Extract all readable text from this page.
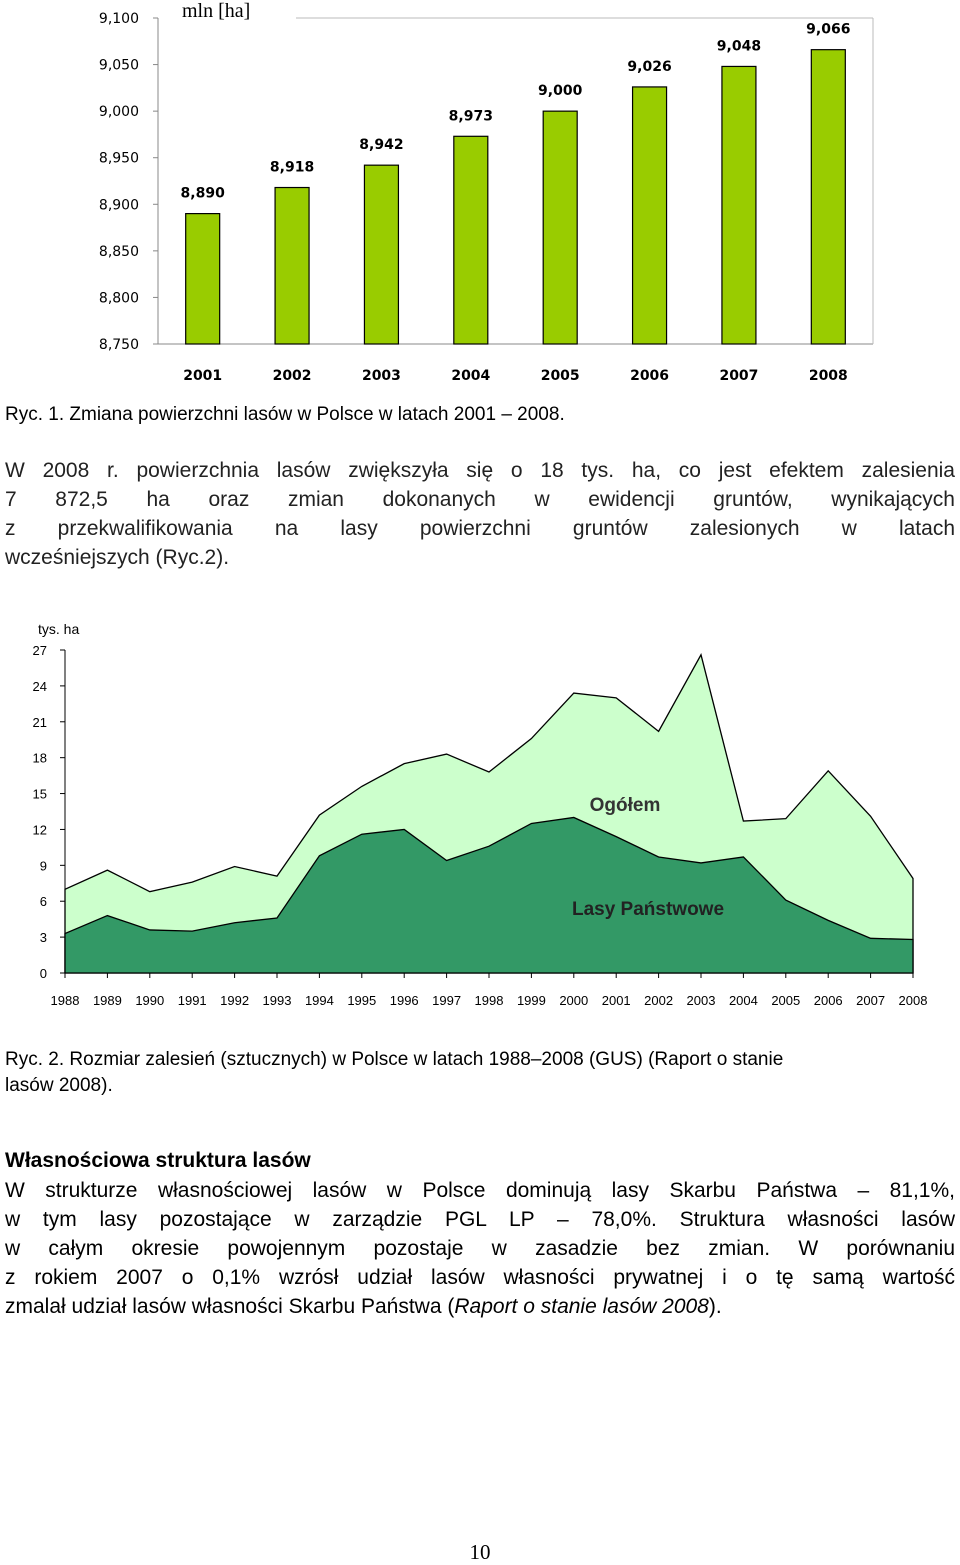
8,750
8,800
8,850
8,900
8,950
9,000
9,050
9,100 mln [ha]
8,890
2001
8,918
2002
8,942
2003
8,973
2004
9,000
2005
9,026
2006
9,048
2007
9,066
2008

Ryc. 1. Zmiana powierzchni lasów w Polsce w latach 2001 – 2008.

W 2008 r. powierzchnia lasów zwiększyła się o 18 tys. ha, co jest efektem zalesienia
7 872,5 ha oraz zmian dokonanych w ewidencji gruntów, wynikających
z przekwalifikowania na lasy powierzchni gruntów zalesionych w latach
wcześniejszych (Ryc.2).

0
3
6
9
12
15
18
21
24
27
tys. ha
1988 1989 1990 1991 1992 1993 1994 1995 1996 1997 1998 1999 2000 2001 2002 2003 2004 2005 2006 2007 2008
Ogółem
Lasy Państwowe

Ryc. 2. Rozmiar zalesień (sztucznych) w Polsce w latach 1988–2008 (GUS) (Raport o stanie

lasów 2008).

Własnościowa struktura lasów

W strukturze własnościowej lasów w Polsce dominują lasy Skarbu Państwa – 81,1%,
w tym lasy pozostające w zarządzie PGL LP – 78,0%. Struktura własności lasów
w całym okresie powojennym pozostaje w zasadzie bez zmian. W porównaniu
z rokiem 2007 o 0,1% wzrósł udział lasów własności prywatnej i o tę samą wartość
zmalał udział lasów własności Skarbu Państwa (Raport o stanie lasów 2008).

10
